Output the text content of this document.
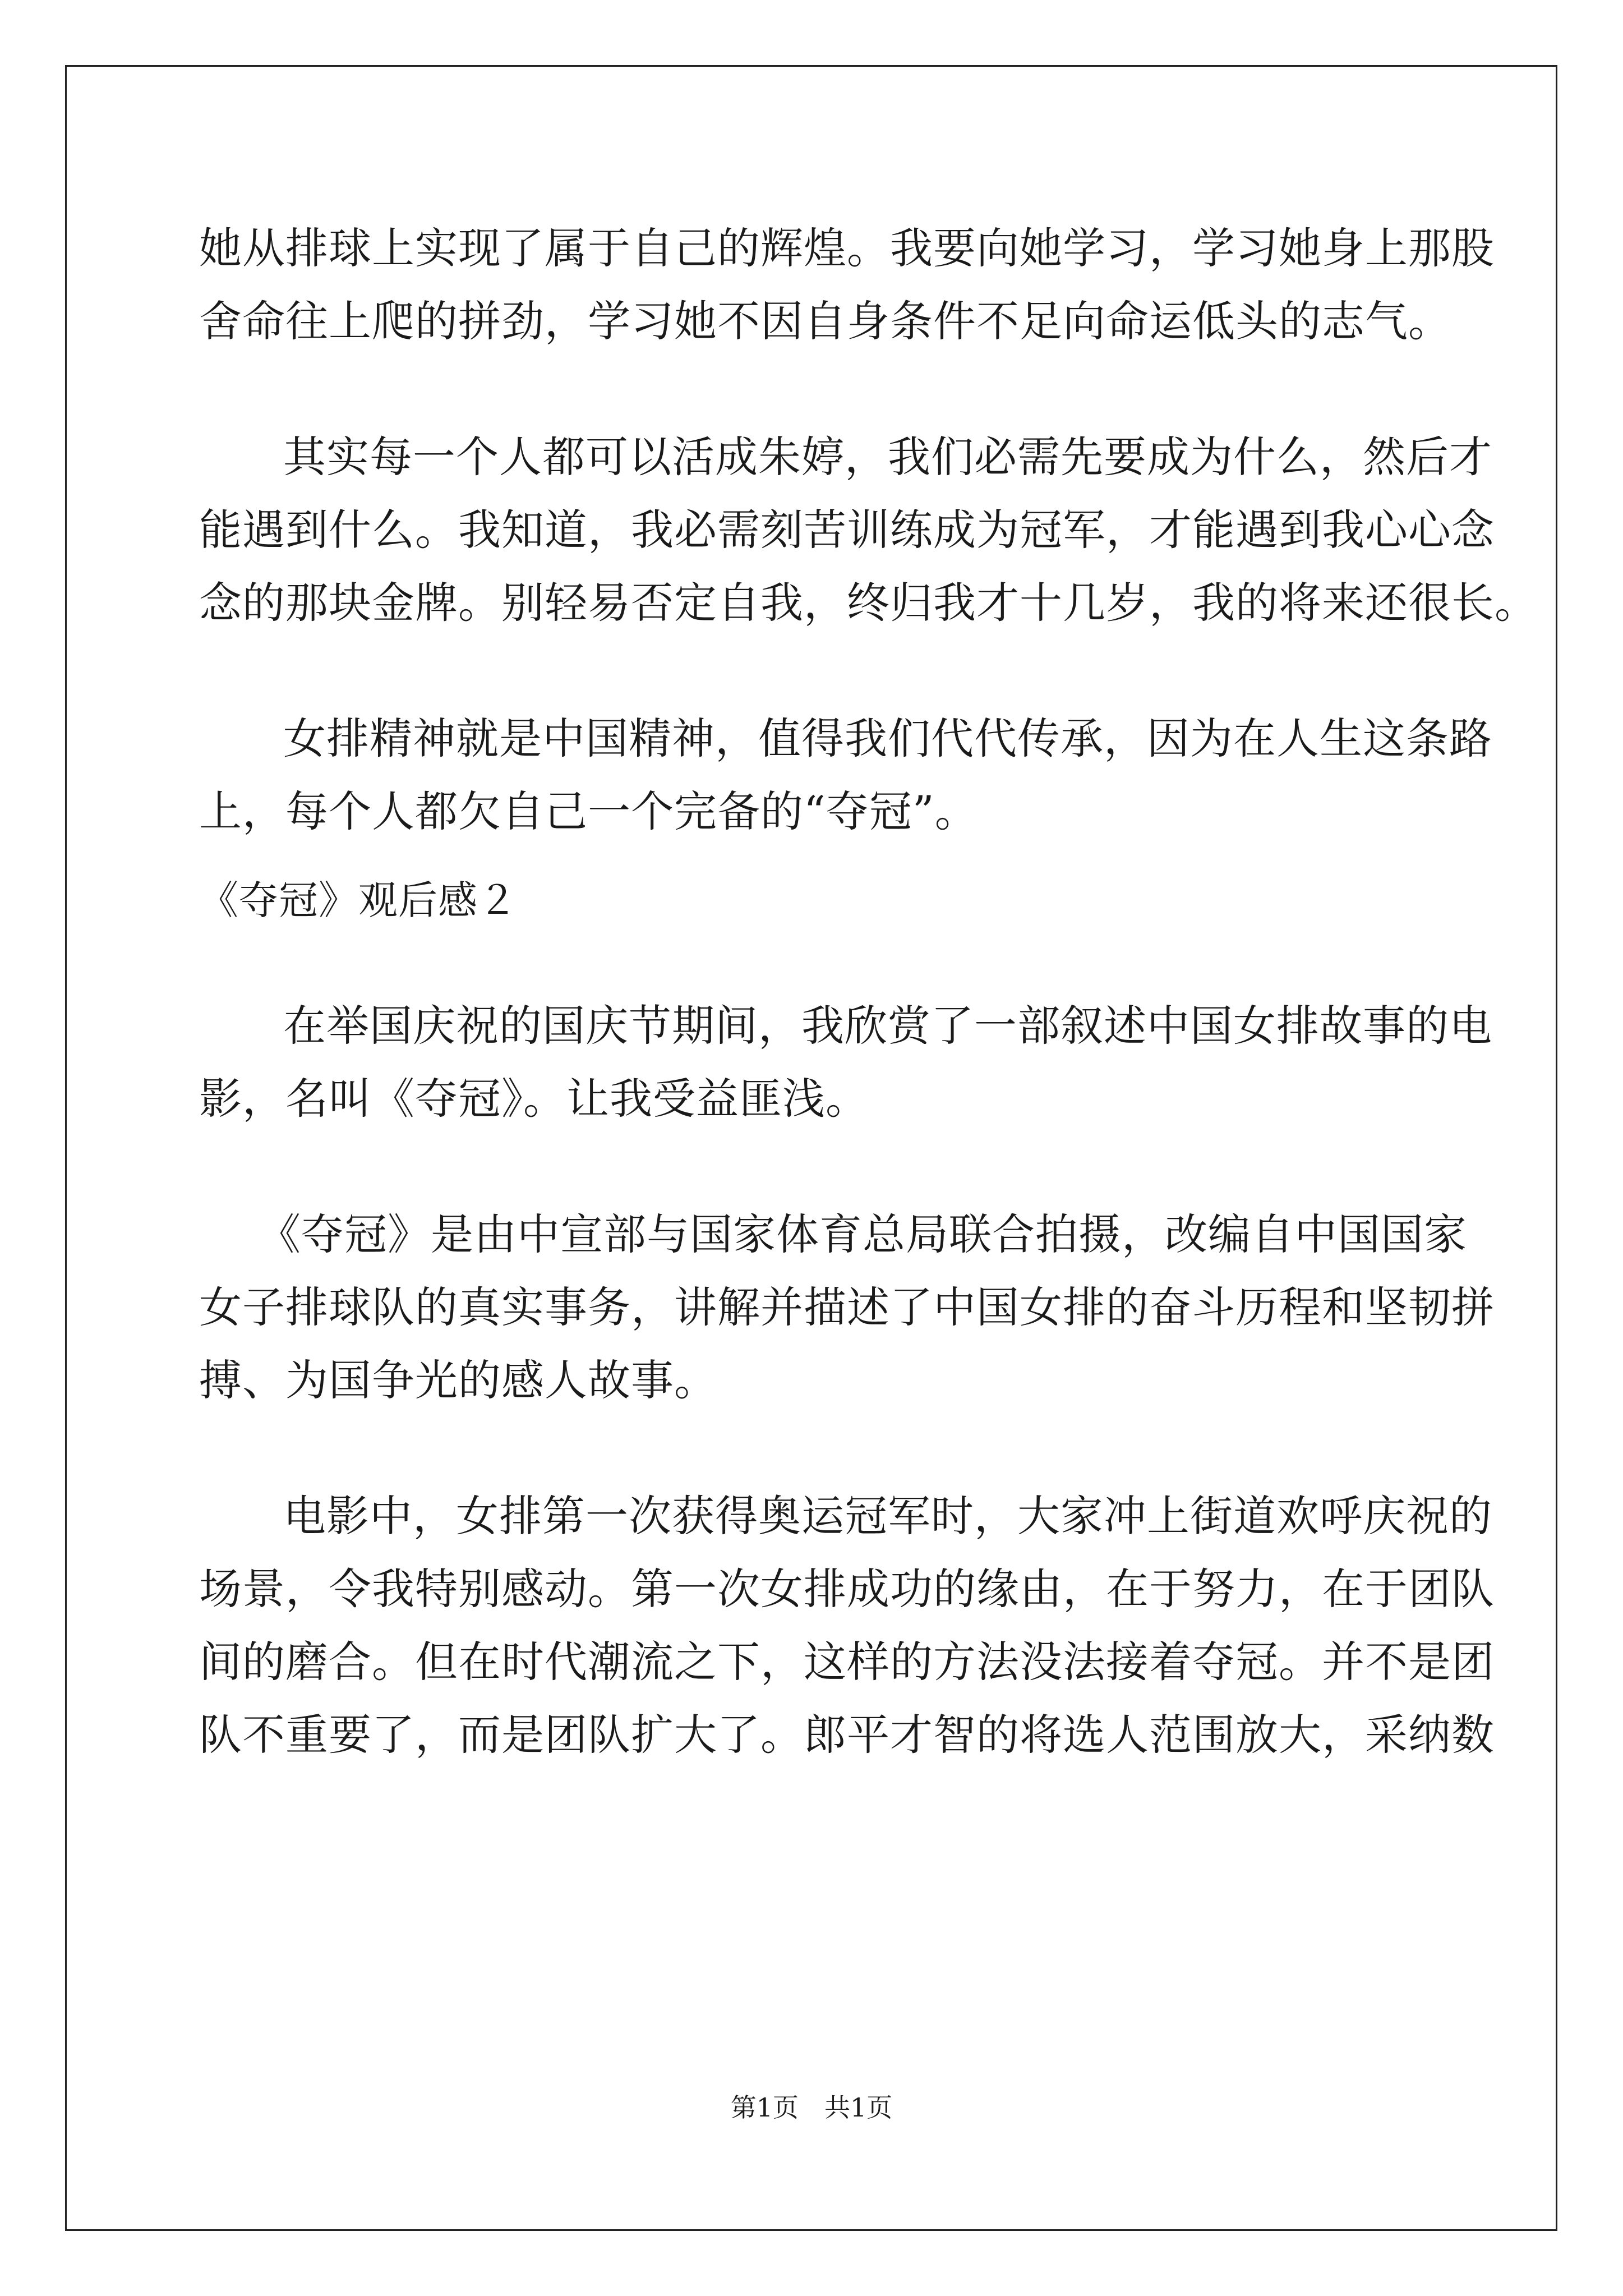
她从排球上实现了属于自己的辉煌。我要向她学习，学习她身上那股
舍命往上爬的拼劲，学习她不因自身条件不足向命运低头的志气。
其实每一个人都可以活成朱婷，我们必需先要成为什么，然后才
能遇到什么。我知道，我必需刻苦训练成为冠军，才能遇到我心心念
念的那块金牌。别轻易否定自我，终归我才十几岁，我的将来还很长。
女排精神就是中国精神，值得我们代代传承，因为在人生这条路
上，每个人都欠自己一个完备的“夺冠”。
《夺冠》观后感２
在举国庆祝的国庆节期间，我欣赏了一部叙述中国女排故事的电
影，名叫《夺冠》。让我受益匪浅。
《夺冠》是由中宣部与国家体育总局联合拍摄，改编自中国国家
女子排球队的真实事务，讲解并描述了中国女排的奋斗历程和坚韧拼
搏、为国争光的感人故事。
电影中，女排第一次获得奥运冠军时，大家冲上街道欢呼庆祝的
场景，令我特别感动。第一次女排成功的缘由，在于努力，在于团队
间的磨合。但在时代潮流之下，这样的方法没法接着夺冠。并不是团
队不重要了，而是团队扩大了。郎平才智的将选人范围放大，采纳数
第1页　共1页
